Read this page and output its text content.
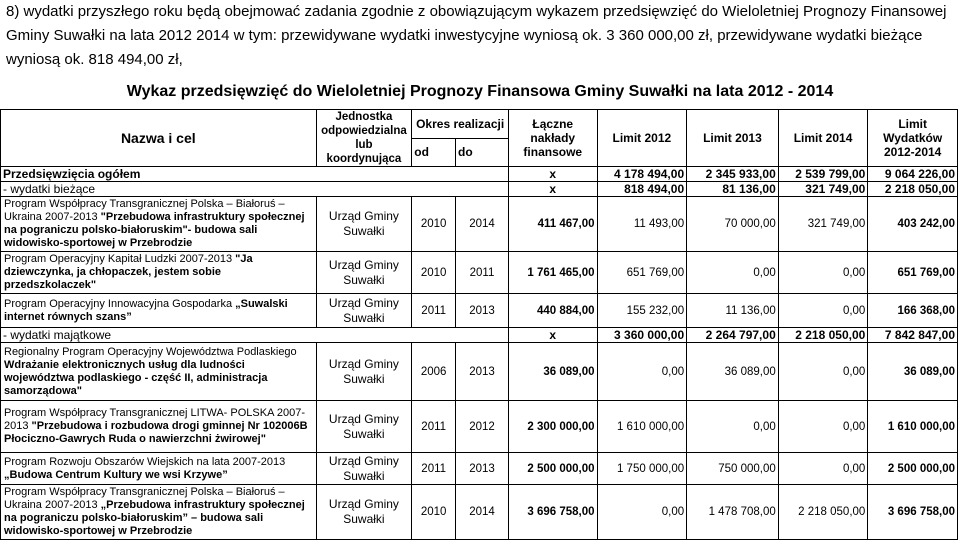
8) wydatki przyszłego roku będą obejmować zadania zgodnie z obowiązującym wykazem przedsięwzięć do Wieloletniej Prognozy Finansowej
Gminy Suwałki na lata 2012 2014 w tym: przewidywane wydatki inwestycyjne wyniosą ok. 3 360 000,00 zł, przewidywane wydatki bieżące
wyniosą ok. 818 494,00 zł,
Wykaz przedsięwzięć do Wieloletniej Prognozy Finansowa Gminy Suwałki na lata 2012 - 2014
Nazwa i cel	Jednostka odpowiedzialna lub koordynująca	Okres realizacji		Łączne nakłady finansowe	Limit 2012	Limit 2013	Limit 2014	Limit Wydatków 2012-2014
		od	do					
Przedsięwzięcia ogółem				x	4 178 494,00	2 345 933,00	2 539 799,00	9 064 226,00
- wydatki bieżące				x	818 494,00	81 136,00	321 749,00	2 218 050,00
Program Współpracy Transgranicznej Polska – Białoruś – Ukraina 2007-2013 "Przebudowa infrastruktury społecznej na pograniczu polsko-białoruskim"- budowa sali widowisko-sportowej w Przebrodzie	Urząd Gminy Suwałki	2010	2014	411 467,00	11 493,00	70 000,00	321 749,00	403 242,00
Program Operacyjny Kapitał Ludzki 2007-2013 "Ja dziewczynka, ja chłopaczek, jestem sobie przedszkolaczek"	Urząd Gminy Suwałki	2010	2011	1 761 465,00	651 769,00	0,00	0,00	651 769,00
Program Operacyjny Innowacyjna Gospodarka „Suwalski internet równych szans”	Urząd Gminy Suwałki	2011	2013	440 884,00	155 232,00	11 136,00	0,00	166 368,00
- wydatki majątkowe				x	3 360 000,00	2 264 797,00	2 218 050,00	7 842 847,00
Regionalny Program Operacyjny Województwa Podlaskiego Wdrażanie elektronicznych usług dla ludności województwa podlaskiego - część II, administracja samorządowa"	Urząd Gminy Suwałki	2006	2013	36 089,00	0,00	36 089,00	0,00	36 089,00
Program Współpracy Transgranicznej LITWA- POLSKA 2007-2013 "Przebudowa i rozbudowa drogi gminnej Nr 102006B Płociczno-Gawrych Ruda o nawierzchni żwirowej"	Urząd Gminy Suwałki	2011	2012	2 300 000,00	1 610 000,00	0,00	0,00	1 610 000,00
Program Rozwoju Obszarów Wiejskich na lata 2007-2013 „Budowa Centrum Kultury we wsi Krzywe”	Urząd Gminy Suwałki	2011	2013	2 500 000,00	1 750 000,00	750 000,00	0,00	2 500 000,00
Program Współpracy Transgranicznej Polska – Białoruś – Ukraina 2007-2013 „Przebudowa infrastruktury społecznej na pograniczu polsko-białoruskim” – budowa sali widowisko-sportowej w Przebrodzie	Urząd Gminy Suwałki	2010	2014	3 696 758,00	0,00	1 478 708,00	2 218 050,00	3 696 758,00
